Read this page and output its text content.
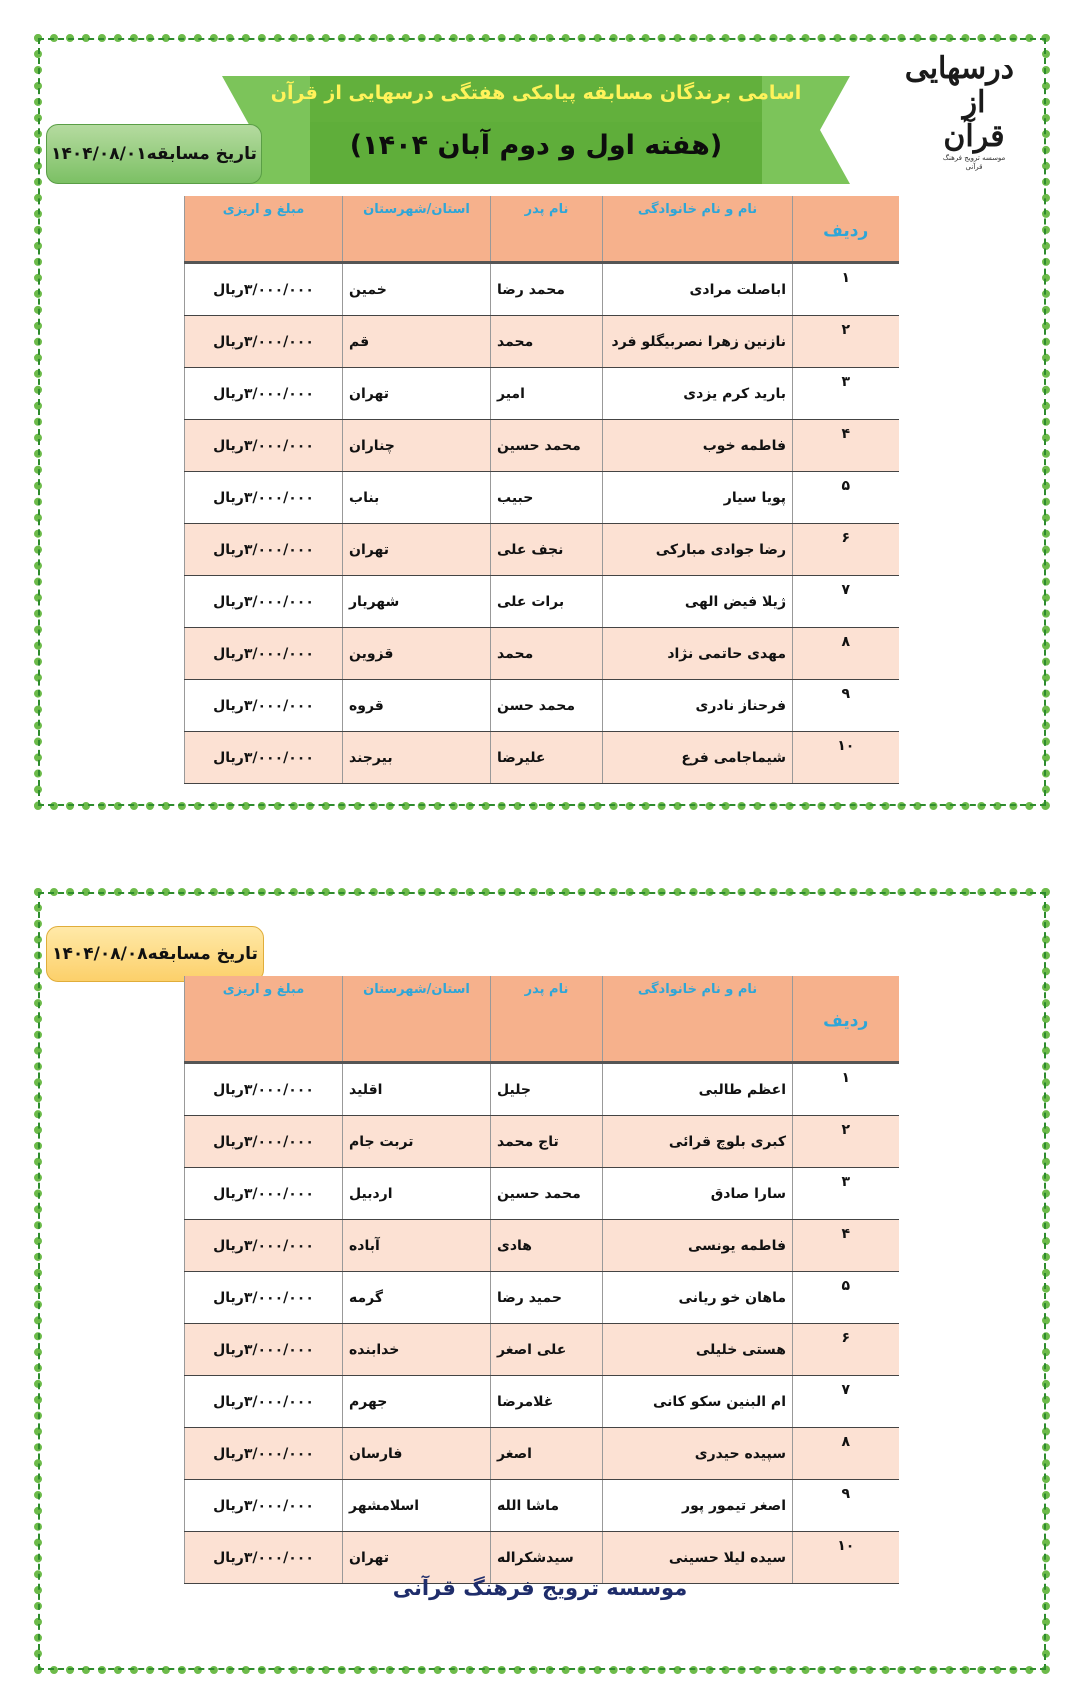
اسامی برندگان مسابقه پیامکی هفتگی درسهایی از قرآن
(هفته اول و دوم آبان ۱۴۰۴)
درسهایی از قرآن
موسسه ترویج فرهنگ قرآنی
تاریخ مسابقه۱۴۰۴/۰۸/۰۱
تاریخ مسابقه۱۴۰۴/۰۸/۰۸
ردیف	نام و نام خانوادگی	نام پدر	استان/شهرستان	مبلغ و اریزی
۱	اباصلت مرادی	محمد رضا	خمین	۳/۰۰۰/۰۰۰ریال
۲	نازنین زهرا نصربیگلو فرد	محمد	قم	۳/۰۰۰/۰۰۰ریال
۳	بارید کرم یزدی	امیر	تهران	۳/۰۰۰/۰۰۰ریال
۴	فاطمه خوب	محمد حسین	چناران	۳/۰۰۰/۰۰۰ریال
۵	پویا سیار	حبیب	بناب	۳/۰۰۰/۰۰۰ریال
۶	رضا جوادی مبارکی	نجف علی	تهران	۳/۰۰۰/۰۰۰ریال
۷	ژیلا فیض الهی	برات علی	شهریار	۳/۰۰۰/۰۰۰ریال
۸	مهدی حاتمی نژاد	محمد	قزوین	۳/۰۰۰/۰۰۰ریال
۹	فرحناز نادری	محمد حسن	قروه	۳/۰۰۰/۰۰۰ریال
۱۰	شیماجامی فرع	علیرضا	بیرجند	۳/۰۰۰/۰۰۰ریال
ردیف	نام و نام خانوادگی	نام پدر	استان/شهرستان	مبلغ و اریزی
۱	اعظم طالبی	جلیل	اقلید	۳/۰۰۰/۰۰۰ریال
۲	کبری بلوچ قرائی	تاج محمد	تربت جام	۳/۰۰۰/۰۰۰ریال
۳	سارا صادق	محمد حسین	اردبیل	۳/۰۰۰/۰۰۰ریال
۴	فاطمه یونسی	هادی	آباده	۳/۰۰۰/۰۰۰ریال
۵	ماهان خو ریانی	حمید رضا	گرمه	۳/۰۰۰/۰۰۰ریال
۶	هستی خلیلی	علی اصغر	خدابنده	۳/۰۰۰/۰۰۰ریال
۷	ام البنین سکو کانی	غلامرضا	جهرم	۳/۰۰۰/۰۰۰ریال
۸	سپیده حیدری	اصغر	فارسان	۳/۰۰۰/۰۰۰ریال
۹	اصغر تیمور پور	ماشا الله	اسلامشهر	۳/۰۰۰/۰۰۰ریال
۱۰	سیده لیلا حسینی	سیدشکراله	تهران	۳/۰۰۰/۰۰۰ریال
موسسه ترویج فرهنگ قرآنی
